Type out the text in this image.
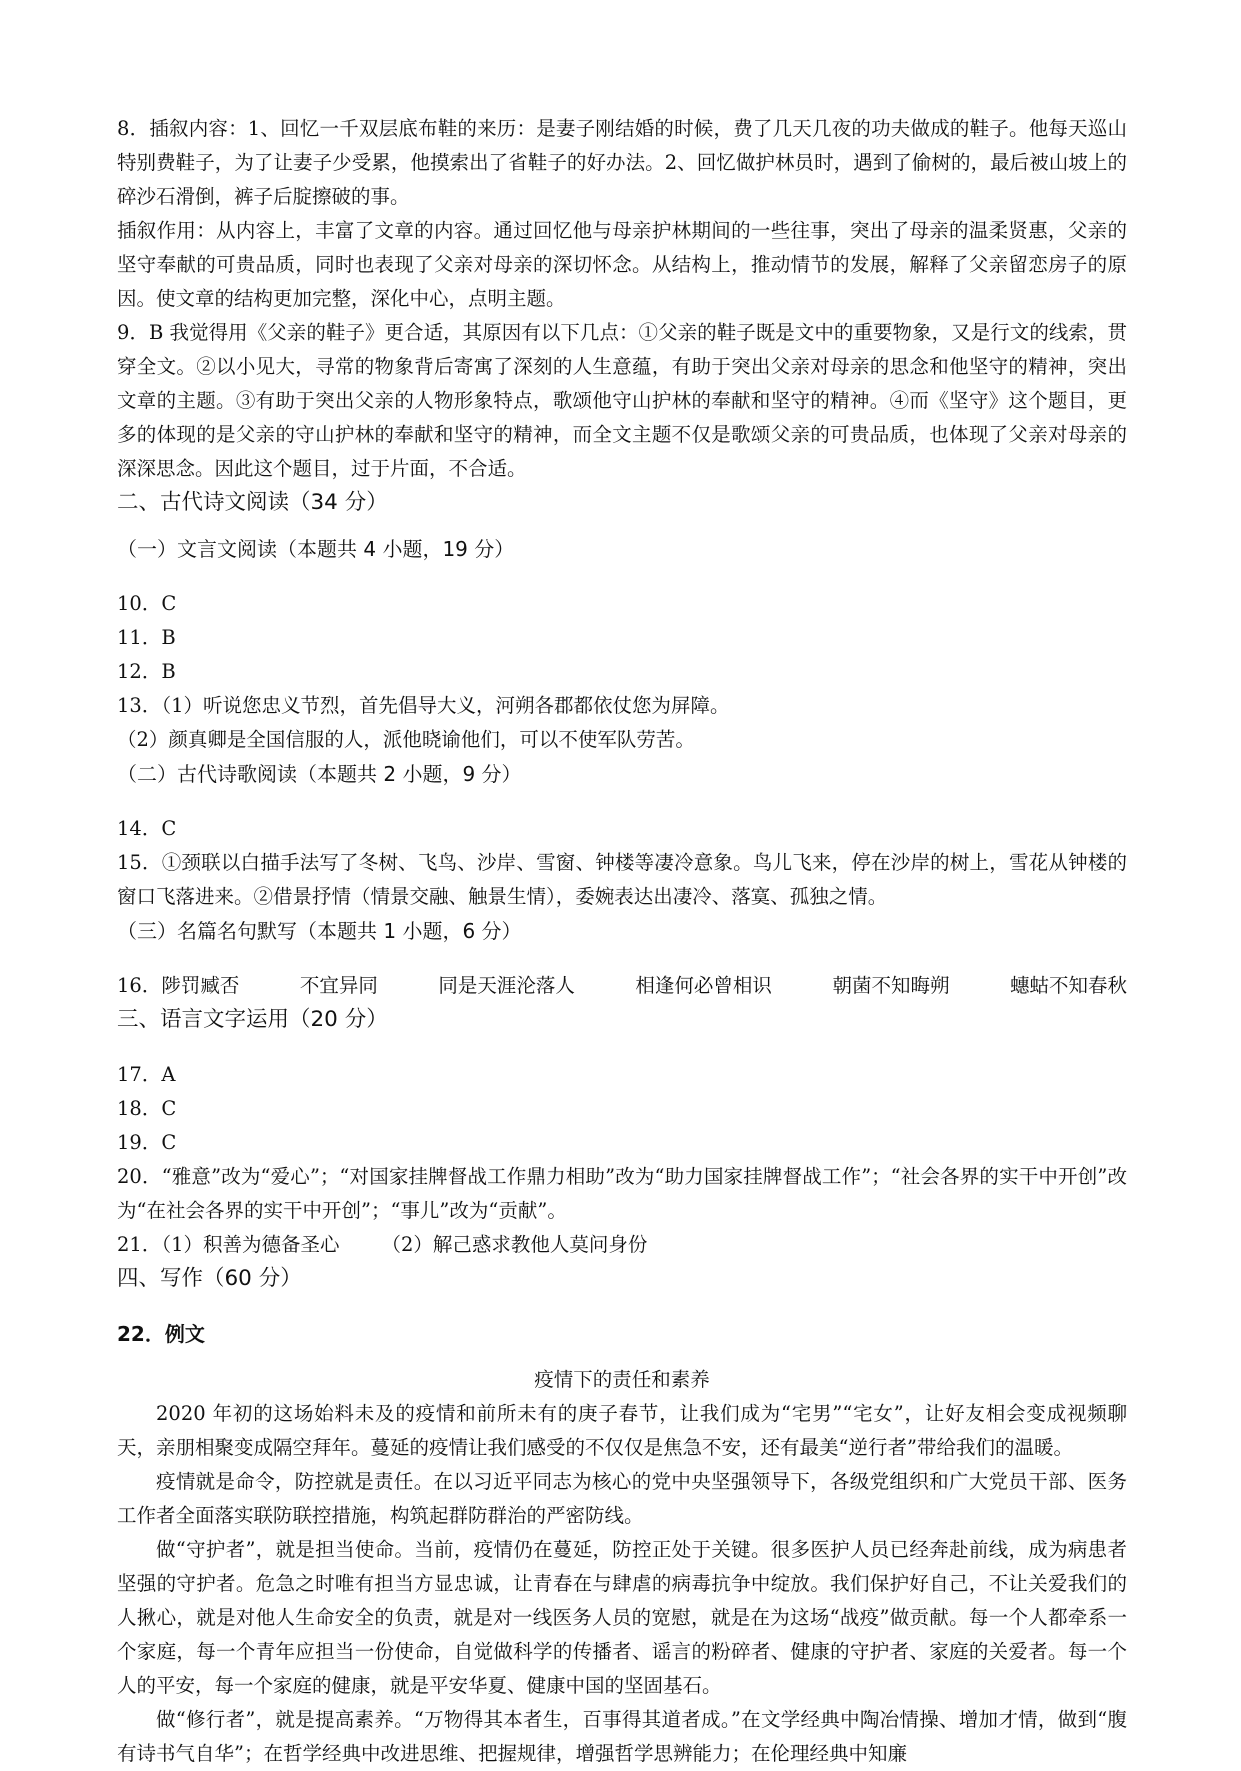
8．插叙内容：1、回忆一千双层底布鞋的来历：是妻子刚结婚的时候，费了几天几夜的功夫做成的鞋子。他每天巡山特别费鞋子，为了让妻子少受累，他摸索出了省鞋子的好办法。2、回忆做护林员时，遇到了偷树的，最后被山坡上的碎沙石滑倒，裤子后腚擦破的事。

插叙作用：从内容上，丰富了文章的内容。通过回忆他与母亲护林期间的一些往事，突出了母亲的温柔贤惠，父亲的坚守奉献的可贵品质，同时也表现了父亲对母亲的深切怀念。从结构上，推动情节的发展，解释了父亲留恋房子的原因。使文章的结构更加完整，深化中心，点明主题。

9．B 我觉得用《父亲的鞋子》更合适，其原因有以下几点：①父亲的鞋子既是文中的重要物象，又是行文的线索，贯穿全文。②以小见大，寻常的物象背后寄寓了深刻的人生意蕴，有助于突出父亲对母亲的思念和他坚守的精神，突出文章的主题。③有助于突出父亲的人物形象特点，歌颂他守山护林的奉献和坚守的精神。④而《坚守》这个题目，更多的体现的是父亲的守山护林的奉献和坚守的精神，而全文主题不仅是歌颂父亲的可贵品质，也体现了父亲对母亲的深深思念。因此这个题目，过于片面，不合适。

二、古代诗文阅读（34 分）
（一）文言文阅读（本题共 4 小题，19 分）

10．C

11．B

12．B

13．（1）听说您忠义节烈，首先倡导大义，河朔各郡都依仗您为屏障。

（2）颜真卿是全国信服的人，派他晓谕他们，可以不使军队劳苦。

（二）古代诗歌阅读（本题共 2 小题，9 分）

14．C

15．①颈联以白描手法写了冬树、飞鸟、沙岸、雪窗、钟楼等凄冷意象。鸟儿飞来，停在沙岸的树上，雪花从钟楼的窗口飞落进来。②借景抒情（情景交融、触景生情），委婉表达出凄冷、落寞、孤独之情。

（三）名篇名句默写（本题共 1 小题，6 分）
16．陟罚臧否	不宜异同	同是天涯沦落人	相逢何必曾相识	朝菌不知晦朔	蟪蛄不知春秋
三、语言文字运用（20 分）

17．A

18．C

19．C

20．“雅意”改为“爱心”；“对国家挂牌督战工作鼎力相助”改为“助力国家挂牌督战工作”；“社会各界的实干中开创”改为“在社会各界的实干中开创”；“事儿”改为“贡献”。

21．（1）积善为德备圣心 （2）解己惑求教他人莫问身份
四、写作（60 分）

22．例文

疫情下的责任和素养

2020 年初的这场始料未及的疫情和前所未有的庚子春节，让我们成为“宅男”“宅女”，让好友相会变成视频聊天，亲朋相聚变成隔空拜年。蔓延的疫情让我们感受的不仅仅是焦急不安，还有最美“逆行者”带给我们的温暖。

疫情就是命令，防控就是责任。在以习近平同志为核心的党中央坚强领导下，各级党组织和广大党员干部、医务工作者全面落实联防联控措施，构筑起群防群治的严密防线。

做“守护者”，就是担当使命。当前，疫情仍在蔓延，防控正处于关键。很多医护人员已经奔赴前线，成为病患者坚强的守护者。危急之时唯有担当方显忠诚，让青春在与肆虐的病毒抗争中绽放。我们保护好自己，不让关爱我们的人揪心，就是对他人生命安全的负责，就是对一线医务人员的宽慰，就是在为这场“战疫”做贡献。每一个人都牵系一个家庭，每一个青年应担当一份使命，自觉做科学的传播者、谣言的粉碎者、健康的守护者、家庭的关爱者。每一个人的平安，每一个家庭的健康，就是平安华夏、健康中国的坚固基石。

做“修行者”，就是提高素养。“万物得其本者生，百事得其道者成。”在文学经典中陶冶情操、增加才情，做到“腹有诗书气自华”；在哲学经典中改进思维、把握规律，增强哲学思辨能力；在伦理经典中知廉
